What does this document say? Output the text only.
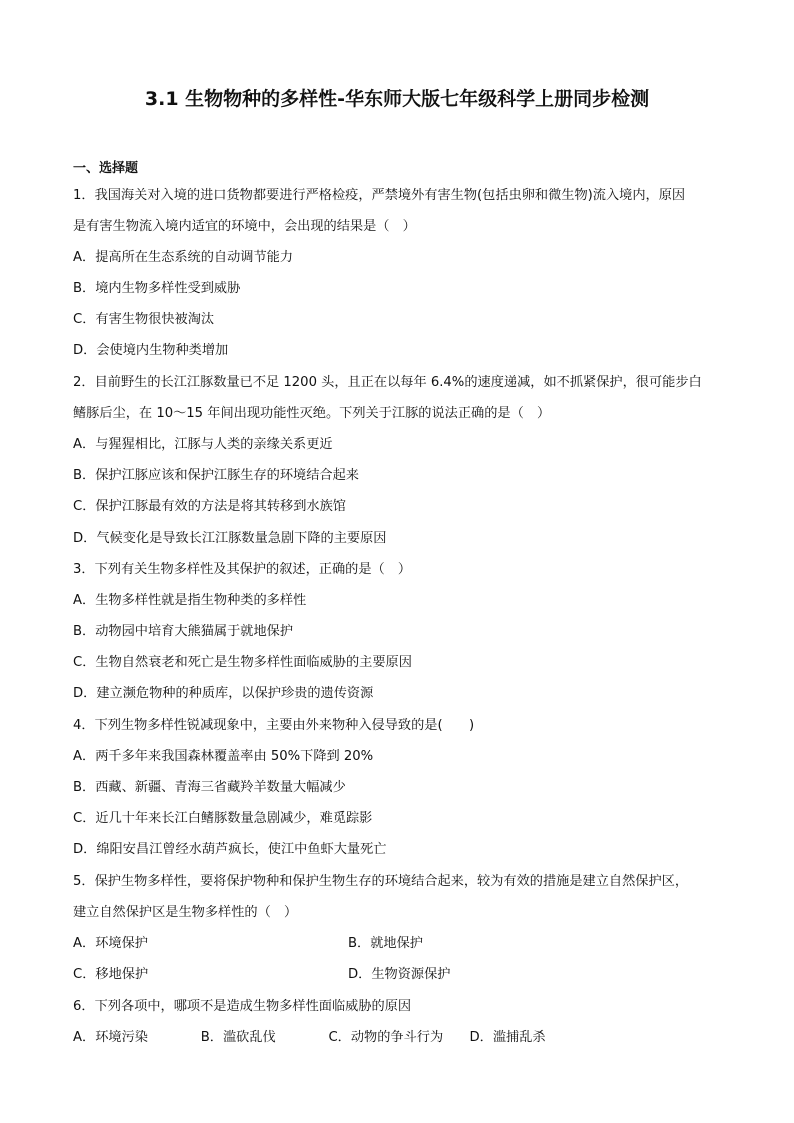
3.1 生物物种的多样性-华东师大版七年级科学上册同步检测
一、选择题
1．我国海关对入境的进口货物都要进行严格检疫，严禁境外有害生物(包括虫卵和微生物)流入境内，原因
是有害生物流入境内适宜的环境中，会出现的结果是（　）
A．提高所在生态系统的自动调节能力
B．境内生物多样性受到威胁
C．有害生物很快被淘汰
D．会使境内生物种类增加
2．目前野生的长江江豚数量已不足 1200 头，且正在以每年 6.4%的速度递减，如不抓紧保护，很可能步白
鳍豚后尘，在 10～15 年间出现功能性灭绝。下列关于江豚的说法正确的是（　）
A．与猩猩相比，江豚与人类的亲缘关系更近
B．保护江豚应该和保护江豚生存的环境结合起来
C．保护江豚最有效的方法是将其转移到水族馆
D．气候变化是导致长江江豚数量急剧下降的主要原因
3．下列有关生物多样性及其保护的叙述，正确的是（　）
A．生物多样性就是指生物种类的多样性
B．动物园中培育大熊猫属于就地保护
C．生物自然衰老和死亡是生物多样性面临威胁的主要原因
D．建立濒危物种的种质库，以保护珍贵的遗传资源
4．下列生物多样性锐减现象中，主要由外来物种入侵导致的是(　　)
A．两千多年来我国森林覆盖率由 50%下降到 20%
B．西藏、新疆、青海三省藏羚羊数量大幅减少
C．近几十年来长江白鳍豚数量急剧减少，难觅踪影
D．绵阳安昌江曾经水葫芦疯长，使江中鱼虾大量死亡
5．保护生物多样性，要将保护物种和保护生物生存的环境结合起来，较为有效的措施是建立自然保护区，
建立自然保护区是生物多样性的（　）
A．环境保护	B．就地保护
C．移地保护	D．生物资源保护
6．下列各项中，哪项不是造成生物多样性面临威胁的原因
A．环境污染　　　　B．滥砍乱伐　　　　C．动物的争斗行为　　D．滥捕乱杀
